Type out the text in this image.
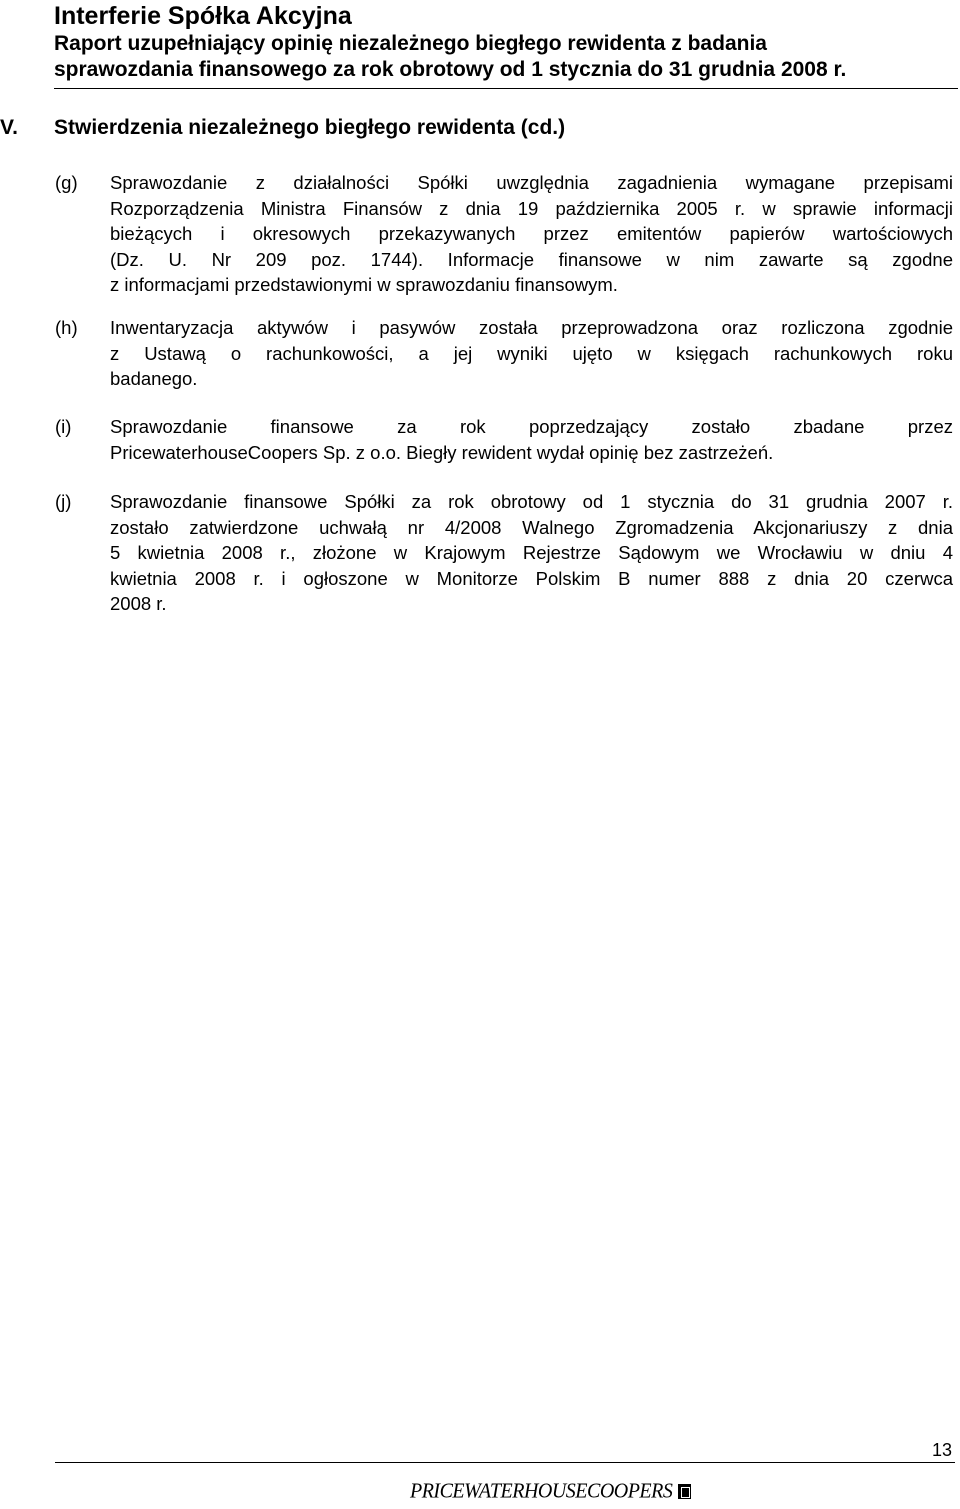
Interferie Spółka Akcyjna
Raport uzupełniający opinię niezależnego biegłego rewidenta z badania
sprawozdania finansowego za rok obrotowy od 1 stycznia do 31 grudnia 2008 r.
V. Stwierdzenia niezależnego biegłego rewidenta (cd.)
(g) Sprawozdanie z działalności Spółki uwzględnia zagadnienia wymagane przepisami
Rozporządzenia Ministra Finansów z dnia 19 października 2005 r. w sprawie informacji
bieżących i okresowych przekazywanych przez emitentów papierów wartościowych
(Dz. U. Nr 209 poz. 1744). Informacje finansowe w nim zawarte są zgodne
z informacjami przedstawionymi w sprawozdaniu finansowym.
(h) Inwentaryzacja aktywów i pasywów została przeprowadzona oraz rozliczona zgodnie
z Ustawą o rachunkowości, a jej wyniki ujęto w księgach rachunkowych roku
badanego.
(i) Sprawozdanie finansowe za rok poprzedzający zostało zbadane przez
PricewaterhouseCoopers Sp. z o.o. Biegły rewident wydał opinię bez zastrzeżeń.
(j) Sprawozdanie finansowe Spółki za rok obrotowy od 1 stycznia do 31 grudnia 2007 r.
zostało zatwierdzone uchwałą nr 4/2008 Walnego Zgromadzenia Akcjonariuszy z dnia
5 kwietnia 2008 r., złożone w Krajowym Rejestrze Sądowym we Wrocławiu w dniu 4
kwietnia 2008 r. i ogłoszone w Monitorze Polskim B numer 888 z dnia 20 czerwca
2008 r.
13
PRICEWATERHOUSECOOPERS
